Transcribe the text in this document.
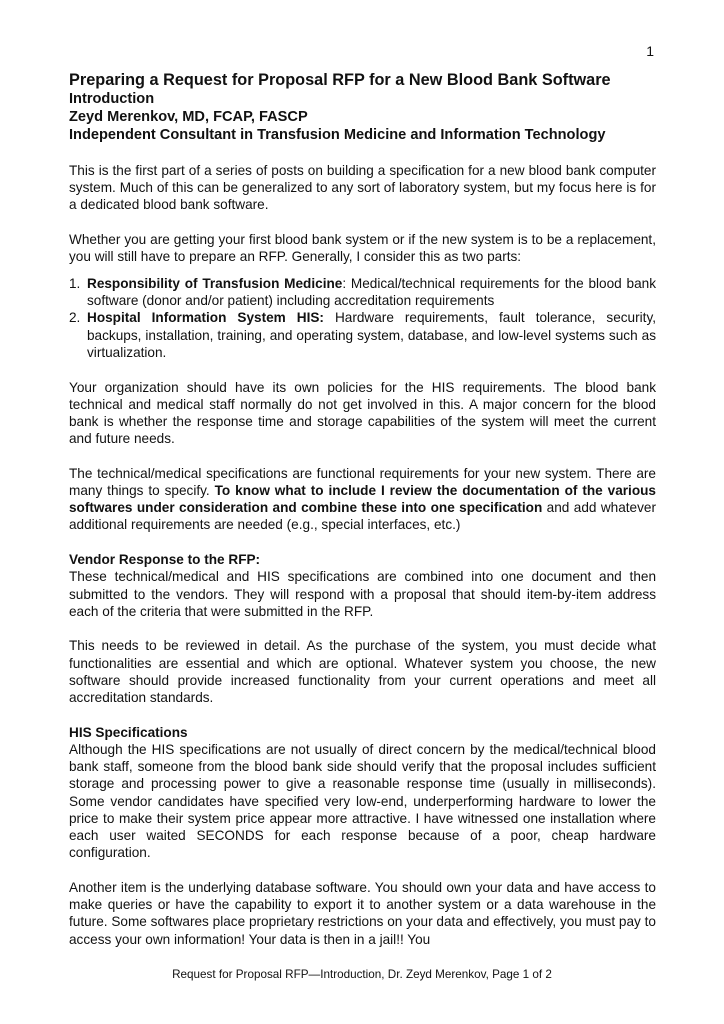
1
Preparing a Request for Proposal RFP for a New Blood Bank Software
Introduction
Zeyd Merenkov, MD, FCAP, FASCP
Independent Consultant in Transfusion Medicine and Information Technology

This is the first part of a series of posts on building a specification for a new blood bank computer system. Much of this can be generalized to any sort of laboratory system, but my focus here is for a dedicated blood bank software.

Whether you are getting your first blood bank system or if the new system is to be a replacement, you will still have to prepare an RFP. Generally, I consider this as two parts:

1. Responsibility of Transfusion Medicine: Medical/technical requirements for the blood bank software (donor and/or patient) including accreditation requirements
2. Hospital Information System HIS: Hardware requirements, fault tolerance, security, backups, installation, training, and operating system, database, and low-level systems such as virtualization.

Your organization should have its own policies for the HIS requirements. The blood bank technical and medical staff normally do not get involved in this. A major concern for the blood bank is whether the response time and storage capabilities of the system will meet the current and future needs.

The technical/medical specifications are functional requirements for your new system. There are many things to specify. To know what to include I review the documentation of the various softwares under consideration and combine these into one specification and add whatever additional requirements are needed (e.g., special interfaces, etc.)

Vendor Response to the RFP:

These technical/medical and HIS specifications are combined into one document and then submitted to the vendors. They will respond with a proposal that should item-by-item address each of the criteria that were submitted in the RFP.

This needs to be reviewed in detail. As the purchase of the system, you must decide what functionalities are essential and which are optional. Whatever system you choose, the new software should provide increased functionality from your current operations and meet all accreditation standards.

HIS Specifications

Although the HIS specifications are not usually of direct concern by the medical/technical blood bank staff, someone from the blood bank side should verify that the proposal includes sufficient storage and processing power to give a reasonable response time (usually in milliseconds). Some vendor candidates have specified very low-end, underperforming hardware to lower the price to make their system price appear more attractive. I have witnessed one installation where each user waited SECONDS for each response because of a poor, cheap hardware configuration.

Another item is the underlying database software. You should own your data and have access to make queries or have the capability to export it to another system or a data warehouse in the future. Some softwares place proprietary restrictions on your data and effectively, you must pay to access your own information! Your data is then in a jail!! You

Request for Proposal RFP—Introduction, Dr. Zeyd Merenkov, Page 1 of 2
